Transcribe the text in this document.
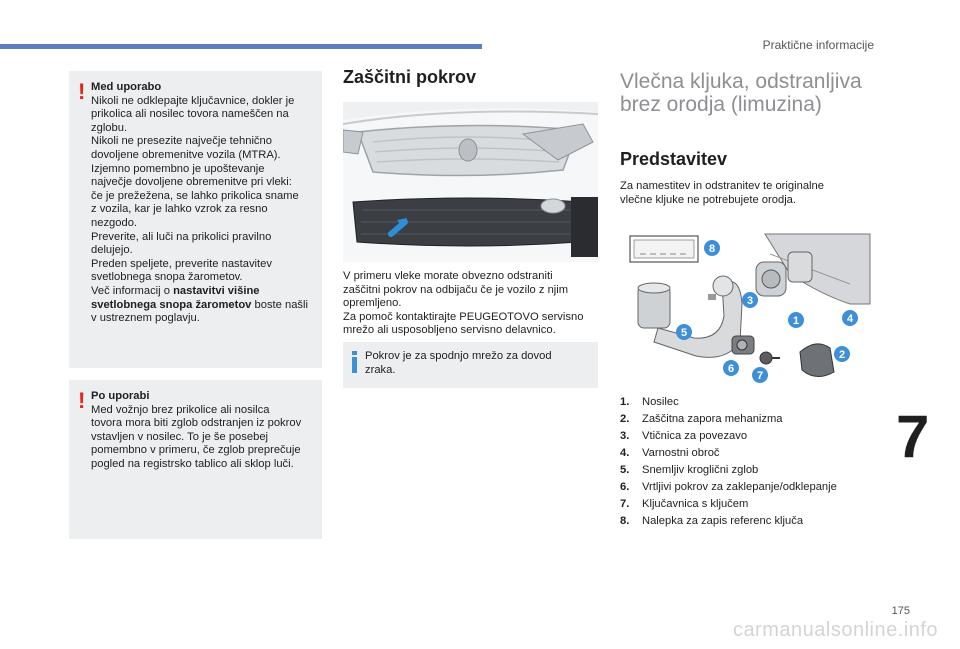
Praktične informacije
! Med uporabo
Nikoli ne odklepajte ključavnice, dokler je
prikolica ali nosilec tovora nameščen na
zglobu.
Nikoli ne presezite največje tehnično
dovoljene obremenitve vozila (MTRA).
Izjemno pomembno je upoštevanje
največje dovoljene obremenitve pri vleki:
če je prežežena, se lahko prikolica sname
z vozila, kar je lahko vzrok za resno
nezgodo.
Preverite, ali luči na prikolici pravilno
delujejo.
Preden speljete, preverite nastavitev
svetlobnega snopa žarometov.
Več informacij o nastavitvi višine svetlobnega snopa žarometov boste našli v ustreznem poglavju.
! Po uporabi
Med vožnjo brez prikolice ali nosilca
tovora mora biti zglob odstranjen iz pokrov
vstavljen v nosilec. To je še posebej
pomembno v primeru, če zglob preprečuje
pogled na registrsko tablico ali sklop luči.
Zaščitni pokrov
V primeru vleke morate obvezno odstraniti
zaščitni pokrov na odbijaču če je vozilo z njim
opremljeno.
Za pomoč kontaktirajte PEUGEOTOVO servisno
mrežo ali usposobljeno servisno delavnico.
Pokrov je za spodnjo mrežo za dovod
zraka.
Vlečna kljuka, odstranljiva
brez orodja (limuzina)
Predstavitev
Za namestitev in odstranitev te originalne
vlečne kljuke ne potrebujete orodja.
8
3
1	4
5
2
6
7
1.	Nosilec
2.	Zaščitna zapora mehanizma
3.	Vtičnica za povezavo
4.	Varnostni obroč
5.	Snemljiv kroglični zglob
6.	Vrtljivi pokrov za zaklepanje/odklepanje
7.	Ključavnica s ključem
8.	Nalepka za zapis referenc ključa
7
175
carmanualsonline.info
